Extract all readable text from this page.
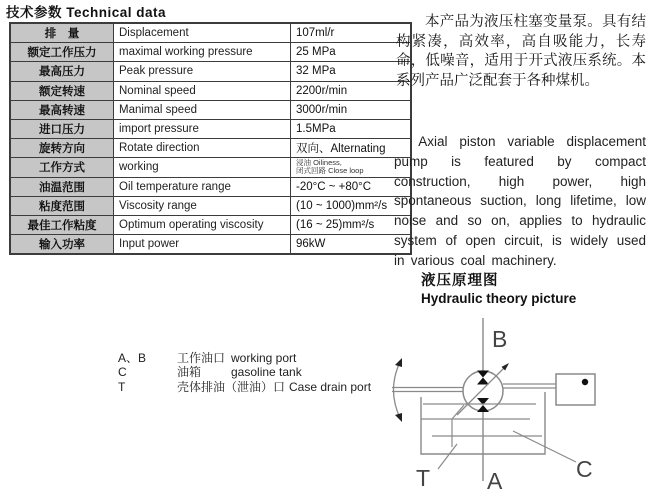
技术参数 Technical data
排　量	Displacement	107ml/r
额定工作压力	maximal working pressure	25 MPa
最高压力	Peak pressure	32 MPa
额定转速	Nominal speed	2200r/min
最高转速	Manimal speed	3000r/min
进口压力	import pressure	1.5MPa
旋转方向	Rotate direction	双向、Alternating
工作方式	working	浸油 Oiliness,
闭式回路 Close loop

油温范围	Oil temperature range	-20°C ~ +80°C
粘度范围	Viscosity range	(10 ~ 1000)mm²/s
最佳工作粘度	Optimum operating viscosity	(16 ~ 25)mm²/s
输入功率	Input power	96kW
本产品为液压柱塞变量泵。具有结构紧凑，高效率，高自吸能力，长寿命，低噪音，适用于开式液压系统。本系列产品广泛配套于各种煤机。
Axial piston variable displacement pump is featured by compact construction, high power, high spontaneous suction, long lifetime, low noise and so on, applies to hydraulic system of open circuit, is widely used in various coal machinery.
液压原理图
Hydraulic theory picture
A、B	工作油口 working port
C	油箱 gasoline tank
T	壳体排油（泄油）口 Case drain port
B
A
T	C
